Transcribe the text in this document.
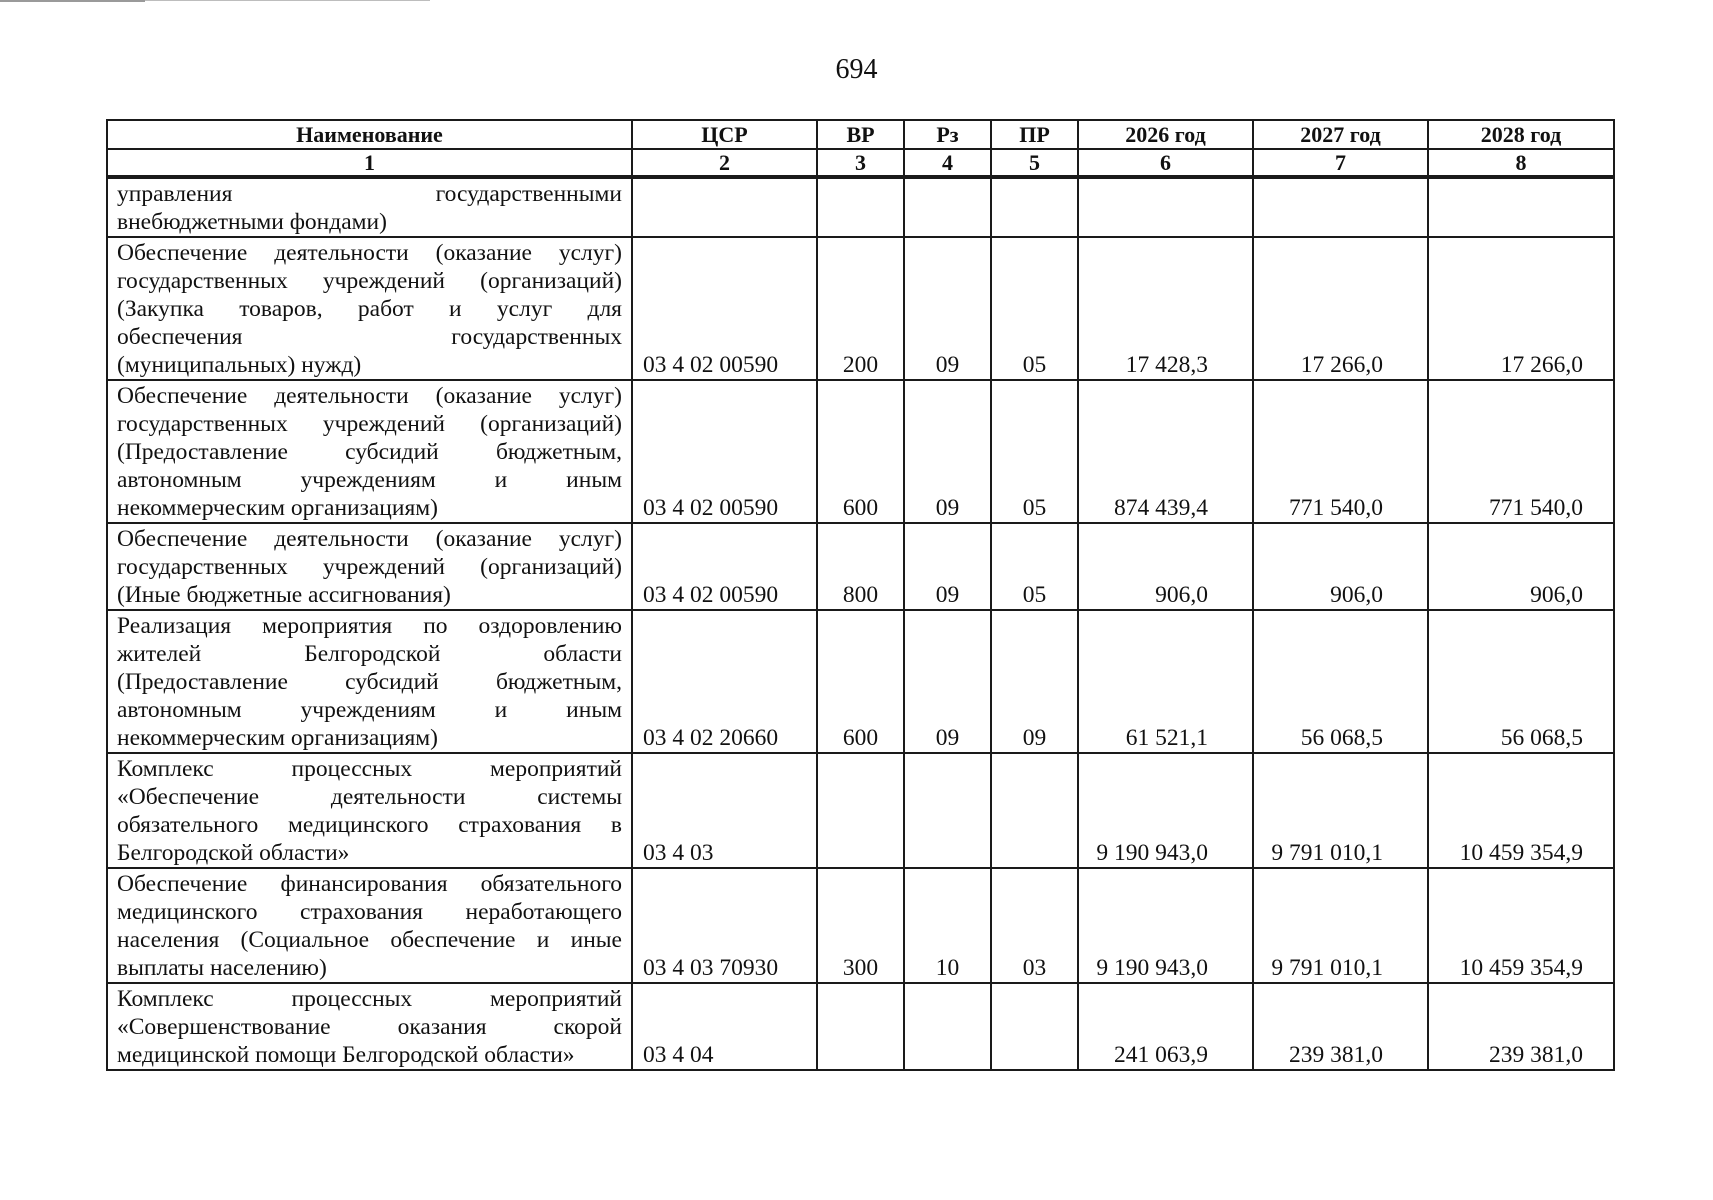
694
Наименование	ЦСР	ВР	Рз	ПР	2026 год	2027 год	2028 год
1	2	3	4	5	6	7	8

управления государственными
внебюджетными фондами)							

Обеспечение деятельности (оказание услуг)
государственных учреждений (организаций)
(Закупка товаров, работ и услуг для
обеспечения государственных
(муниципальных) нужд)	03 4 02 00590	200	09	05	17 428,3	17 266,0	17 266,0

Обеспечение деятельности (оказание услуг)
государственных учреждений (организаций)
(Предоставление субсидий бюджетным,
автономным учреждениям и иным
некоммерческим организациям)	03 4 02 00590	600	09	05	874 439,4	771 540,0	771 540,0

Обеспечение деятельности (оказание услуг)
государственных учреждений (организаций)
(Иные бюджетные ассигнования)	03 4 02 00590	800	09	05	906,0	906,0	906,0

Реализация мероприятия по оздоровлению
жителей Белгородской области
(Предоставление субсидий бюджетным,
автономным учреждениям и иным
некоммерческим организациям)	03 4 02 20660	600	09	09	61 521,1	56 068,5	56 068,5

Комплекс процессных мероприятий
«Обеспечение деятельности системы
обязательного медицинского страхования в
Белгородской области»	03 4 03				9 190 943,0	9 791 010,1	10 459 354,9

Обеспечение финансирования обязательного
медицинского страхования неработающего
населения (Социальное обеспечение и иные
выплаты населению)	03 4 03 70930	300	10	03	9 190 943,0	9 791 010,1	10 459 354,9

Комплекс процессных мероприятий
«Совершенствование оказания скорой
медицинской помощи Белгородской области»	03 4 04				241 063,9	239 381,0	239 381,0
